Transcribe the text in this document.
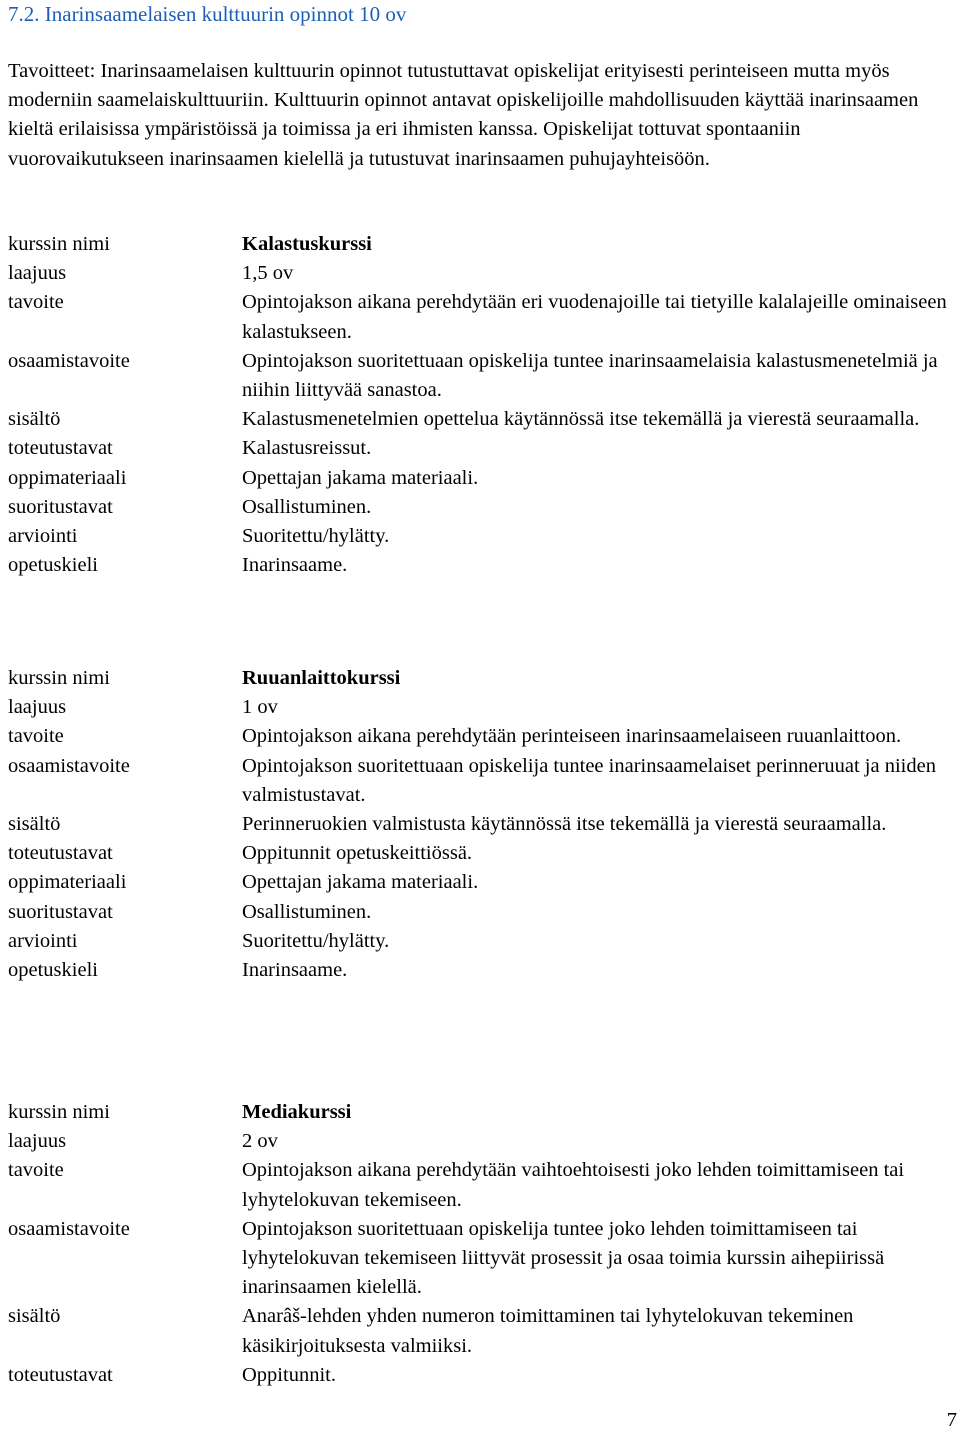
7.2. Inarinsaamelaisen kulttuurin opinnot 10 ov

Tavoitteet: Inarinsaamelaisen kulttuurin opinnot tutustuttavat opiskelijat erityisesti perinteiseen mutta myös moderniin saamelaiskulttuuriin. Kulttuurin opinnot antavat opiskelijoille mahdollisuuden käyttää inarinsaamen kieltä erilaisissa ympäristöissä ja toimissa ja eri ihmisten kanssa. Opiskelijat tottuvat spontaaniin vuorovaikutukseen inarinsaamen kielellä ja tutustuvat inarinsaamen puhujayhteisöön.

kurssin nimi	Kalastuskurssi
laajuus	1,5 ov
tavoite	Opintojakson aikana perehdytään eri vuodenajoille tai tietyille kalalajeille ominaiseen kalastukseen.
osaamistavoite	Opintojakson suoritettuaan opiskelija tuntee inarinsaamelaisia kalastusmenetelmiä ja niihin liittyvää sanastoa.
sisältö	Kalastusmenetelmien opettelua käytännössä itse tekemällä ja vierestä seuraamalla.
toteutustavat	Kalastusreissut.
oppimateriaali	Opettajan jakama materiaali.
suoritustavat	Osallistuminen.
arviointi	Suoritettu/hylätty.
opetuskieli	Inarinsaame.
kurssin nimi	Ruuanlaittokurssi
laajuus	1 ov
tavoite	Opintojakson aikana perehdytään perinteiseen inarinsaamelaiseen ruuanlaittoon.
osaamistavoite	Opintojakson suoritettuaan opiskelija tuntee inarinsaamelaiset perinneruuat ja niiden valmistustavat.
sisältö	Perinneruokien valmistusta käytännössä itse tekemällä ja vierestä seuraamalla.
toteutustavat	Oppitunnit opetuskeittiössä.
oppimateriaali	Opettajan jakama materiaali.
suoritustavat	Osallistuminen.
arviointi	Suoritettu/hylätty.
opetuskieli	Inarinsaame.
kurssin nimi	Mediakurssi
laajuus	2 ov
tavoite	Opintojakson aikana perehdytään vaihtoehtoisesti joko lehden toimittamiseen tai lyhytelokuvan tekemiseen.
osaamistavoite	Opintojakson suoritettuaan opiskelija tuntee joko lehden toimittamiseen tai lyhytelokuvan tekemiseen liittyvät prosessit ja osaa toimia kurssin aihepiirissä inarinsaamen kielellä.
sisältö	Anarâš-lehden yhden numeron toimittaminen tai lyhytelokuvan tekeminen käsikirjoituksesta valmiiksi.
toteutustavat	Oppitunnit.
7
